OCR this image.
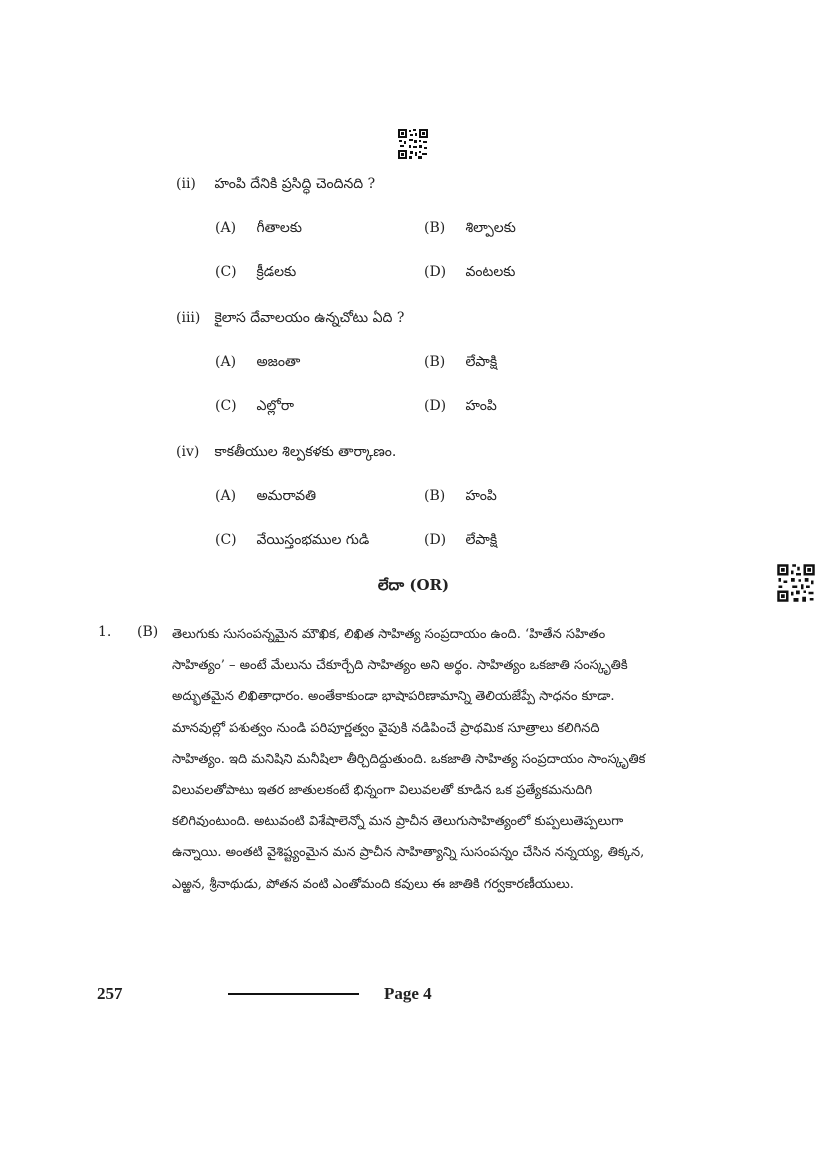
(ii) హంపి దేనికి ప్రసిద్ధి చెందినది ?
(A) గీతాలకు	(B) శిల్పాలకు
(C) క్రీడలకు	(D) వంటలకు
(iii) కైలాస దేవాలయం ఉన్నచోటు ఏది ?
(A) అజంతా	(B) లేపాక్షి
(C) ఎల్లోరా	(D) హంపి
(iv) కాకతీయుల శిల్పకళకు తార్కాణం.
(A) అమరావతి	(B) హంపి
(C) వేయిస్తంభముల గుడి	(D) లేపాక్షి
లేదా (OR)
1. (B) తెలుగుకు సుసంపన్నమైన మౌఖిక, లిఖిత సాహిత్య సంప్రదాయం ఉంది. ‘హితేన సహితం
సాహిత్యం’ – అంటే మేలును చేకూర్చేది సాహిత్యం అని అర్థం. సాహిత్యం ఒకజాతి సంస్కృతికి
అద్భుతమైన లిఖితాధారం. అంతేకాకుండా భాషాపరిణామాన్ని తెలియజేప్పే సాధనం కూడా.
మానవుల్లో పశుత్వం నుండి పరిపూర్ణత్వం వైపుకి నడిపించే ప్రాథమిక సూత్రాలు కలిగినది
సాహిత్యం. ఇది మనిషిని మనీషిలా తీర్చిదిద్దుతుంది. ఒకజాతి సాహిత్య సంప్రదాయం సాంస్కృతిక
విలువలతోపాటు ఇతర జాతులకంటే భిన్నంగా విలువలతో కూడిన ఒక ప్రత్యేకమనుదిగి
కలిగివుంటుంది. అటువంటి విశేషాలెన్నో మన ప్రాచీన తెలుగుసాహిత్యంలో కుప్పలుతెప్పలుగా
ఉన్నాయి. అంతటి వైశిష్ట్యంమైన మన ప్రాచీన సాహిత్యాన్ని సుసంపన్నం చేసిన నన్నయ్య, తిక్కన,
ఎఱ్ఱన, శ్రీనాథుడు, పోతన వంటి ఎంతోమంది కవులు ఈ జాతికి గర్వకారణీయులు.
257	Page 4
